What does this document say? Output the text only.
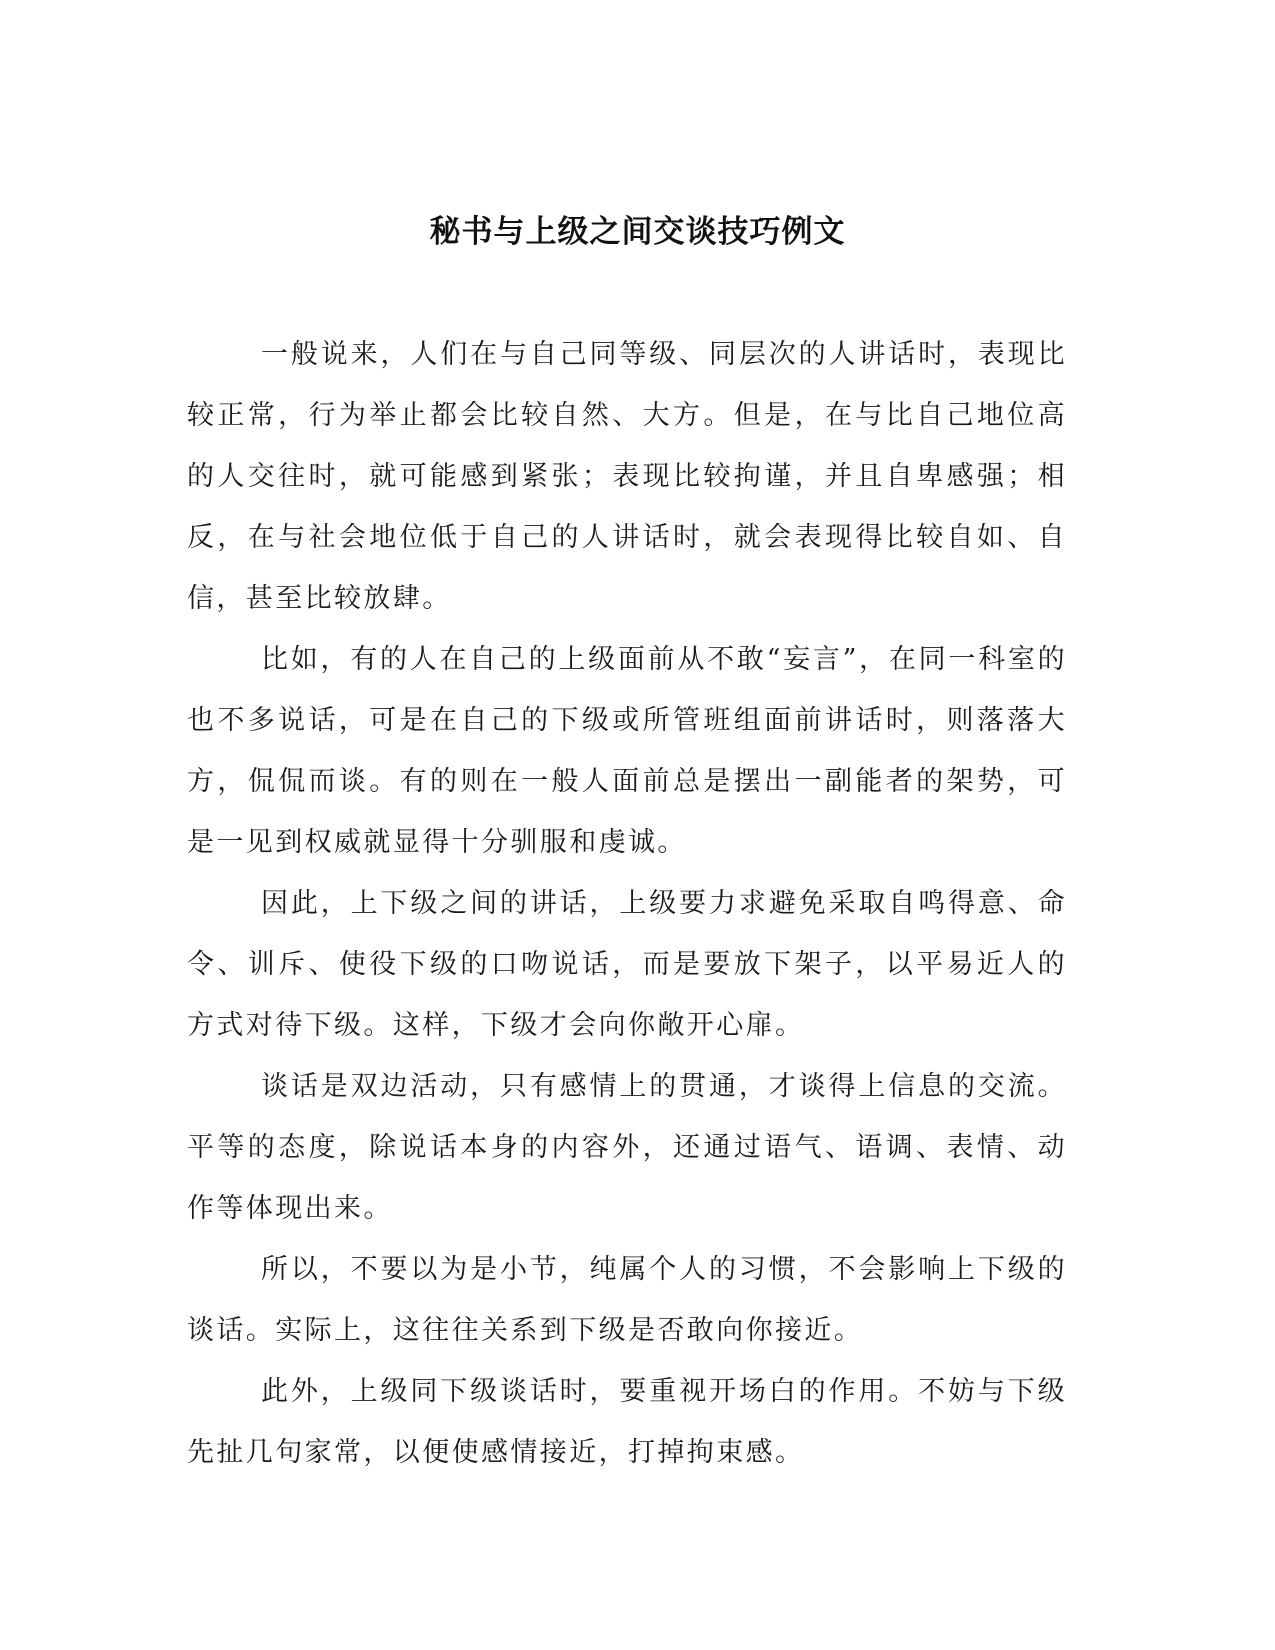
秘书与上级之间交谈技巧例文

一般说来，人们在与自己同等级、同层次的人讲话时，表现比较正常，行为举止都会比较自然、大方。但是，在与比自己地位高的人交往时，就可能感到紧张；表现比较拘谨，并且自卑感强；相反，在与社会地位低于自己的人讲话时，就会表现得比较自如、自信，甚至比较放肆。

比如，有的人在自己的上级面前从不敢“妄言”，在同一科室的也不多说话，可是在自己的下级或所管班组面前讲话时，则落落大方，侃侃而谈。有的则在一般人面前总是摆出一副能者的架势，可是一见到权威就显得十分驯服和虔诚。

因此，上下级之间的讲话，上级要力求避免采取自鸣得意、命令、训斥、使役下级的口吻说话，而是要放下架子，以平易近人的方式对待下级。这样，下级才会向你敞开心扉。

谈话是双边活动，只有感情上的贯通，才谈得上信息的交流。平等的态度，除说话本身的内容外，还通过语气、语调、表情、动作等体现出来。

所以，不要以为是小节，纯属个人的习惯，不会影响上下级的谈话。实际上，这往往关系到下级是否敢向你接近。

此外，上级同下级谈话时，要重视开场白的作用。不妨与下级先扯几句家常，以便使感情接近，打掉拘束感。
